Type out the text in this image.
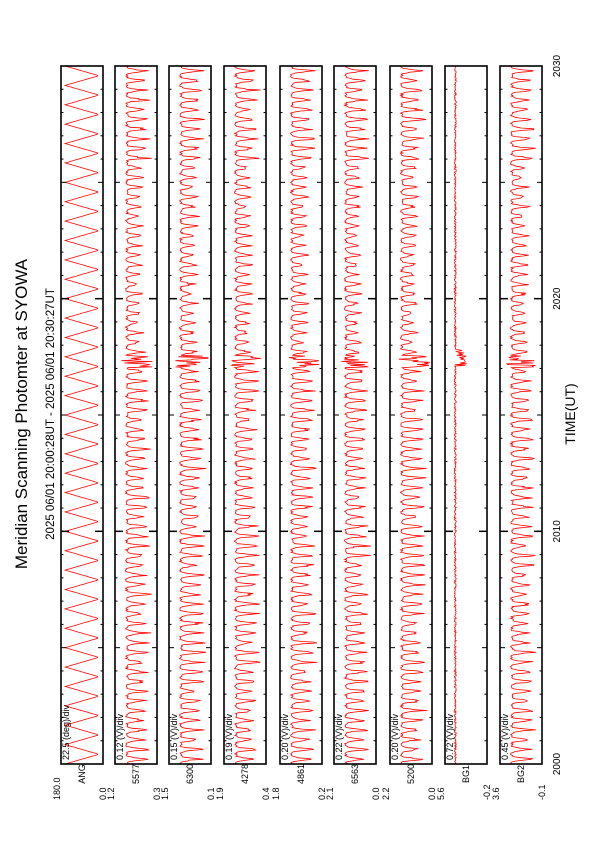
Meridian Scanning Photomter at SYOWA 2025 06/01 20:00:28UT - 2025 06/01 20:30:27UT	TIME(UT)
180.0
ANG
0.0
22.5 (deg)/div
1.2
5577
0.3
0.12 (V)/div
1.5
6300
0.1
0.15 (V)/div
1.9
4278
0.4
0.19 (V)/div
1.8
4861
0.2
0.20 (V)/div
2.1
6563
0.0
0.22 (V)/div
2.2
5200
0.0
0.20 (V)/div
5.6
BG1
-0.2
0.72 (V)/div
3.6
BG2
-0.1
0.45 (V)/div
2000
2010
2020
2030
